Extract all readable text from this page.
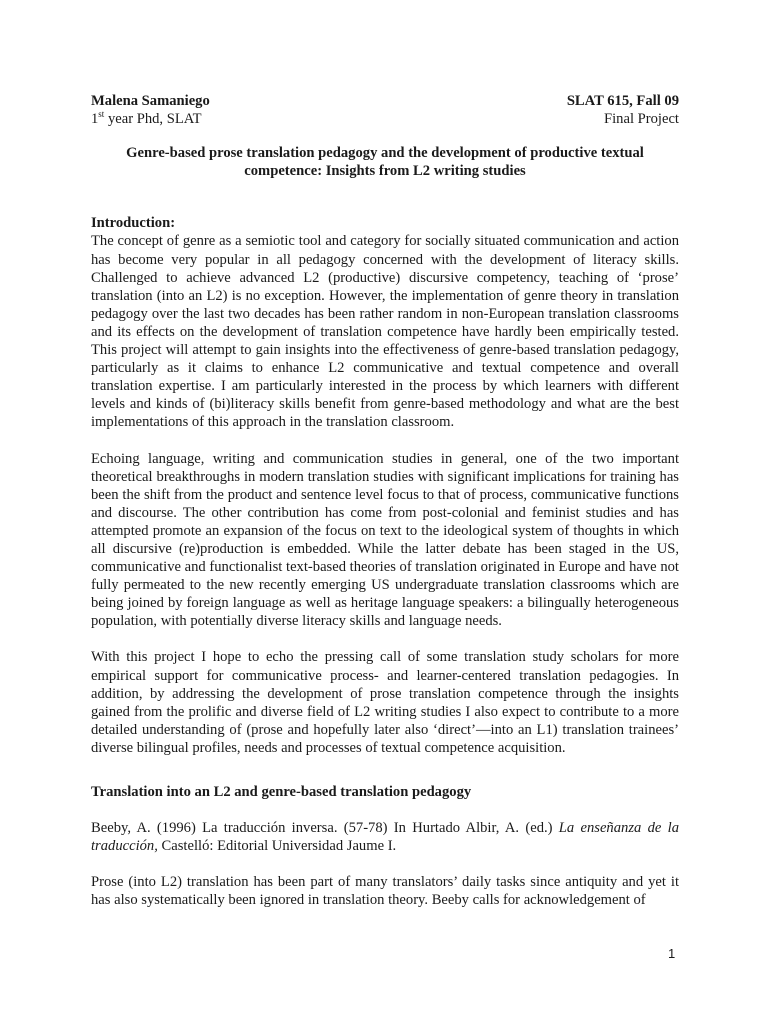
Malena Samaniego	SLAT 615, Fall 09
1st year Phd, SLAT	Final Project
Genre-based prose translation pedagogy and the development of productive textual competence: Insights from L2 writing studies
Introduction:

The concept of genre as a semiotic tool and category for socially situated communication and action has become very popular in all pedagogy concerned with the development of literacy skills. Challenged to achieve advanced L2 (productive) discursive competency, teaching of ‘prose’ translation (into an L2) is no exception. However, the implementation of genre theory in translation pedagogy over the last two decades has been rather random in non-European translation classrooms and its effects on the development of translation competence have hardly been empirically tested. This project will attempt to gain insights into the effectiveness of genre-based translation pedagogy, particularly as it claims to enhance L2 communicative and textual competence and overall translation expertise. I am particularly interested in the process by which learners with different levels and kinds of (bi)literacy skills benefit from genre-based methodology and what are the best implementations of this approach in the translation classroom.

Echoing language, writing and communication studies in general, one of the two important theoretical breakthroughs in modern translation studies with significant implications for training has been the shift from the product and sentence level focus to that of process, communicative functions and discourse. The other contribution has come from post-colonial and feminist studies and has attempted promote an expansion of the focus on text to the ideological system of thoughts in which all discursive (re)production is embedded. While the latter debate has been staged in the US, communicative and functionalist text-based theories of translation originated in Europe and have not fully permeated to the new recently emerging US undergraduate translation classrooms which are being joined by foreign language as well as heritage language speakers: a bilingually heterogeneous population, with potentially diverse literacy skills and language needs.

With this project I hope to echo the pressing call of some translation study scholars for more empirical support for communicative process- and learner-centered translation pedagogies. In addition, by addressing the development of prose translation competence through the insights gained from the prolific and diverse field of L2 writing studies I also expect to contribute to a more detailed understanding of (prose and hopefully later also ‘direct’—into an L1) translation trainees’ diverse bilingual profiles, needs and processes of textual competence acquisition.

Translation into an L2 and genre-based translation pedagogy
Beeby, A. (1996) La traducción inversa. (57-78) In Hurtado Albir, A. (ed.) La enseñanza de la traducción, Castelló: Editorial Universidad Jaume I.

Prose (into L2) translation has been part of many translators’ daily tasks since antiquity and yet it has also systematically been ignored in translation theory. Beeby calls for acknowledgement of

1
